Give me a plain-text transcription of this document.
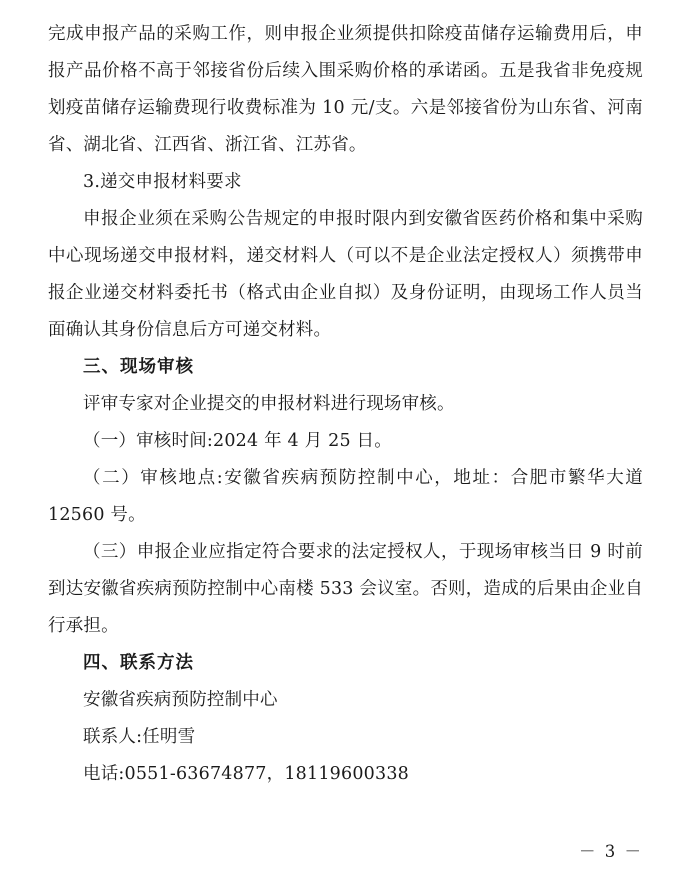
完成申报产品的采购工作，则申报企业须提供扣除疫苗储存运输费用后，申报产品价格不高于邻接省份后续入围采购价格的承诺函。五是我省非免疫规划疫苗储存运输费现行收费标准为 10 元/支。六是邻接省份为山东省、河南省、湖北省、江西省、浙江省、江苏省。

3.递交申报材料要求

申报企业须在采购公告规定的申报时限内到安徽省医药价格和集中采购中心现场递交申报材料，递交材料人（可以不是企业法定授权人）须携带申报企业递交材料委托书（格式由企业自拟）及身份证明，由现场工作人员当面确认其身份信息后方可递交材料。

三、现场审核

评审专家对企业提交的申报材料进行现场审核。

（一）审核时间:2024 年 4 月 25 日。

（二）审核地点:安徽省疾病预防控制中心，地址：合肥市繁华大道 12560 号。

（三）申报企业应指定符合要求的法定授权人，于现场审核当日 9 时前到达安徽省疾病预防控制中心南楼 533 会议室。否则，造成的后果由企业自行承担。

四、联系方法

安徽省疾病预防控制中心

联系人:任明雪

电话:0551-63674877，18119600338

－ 3 －
